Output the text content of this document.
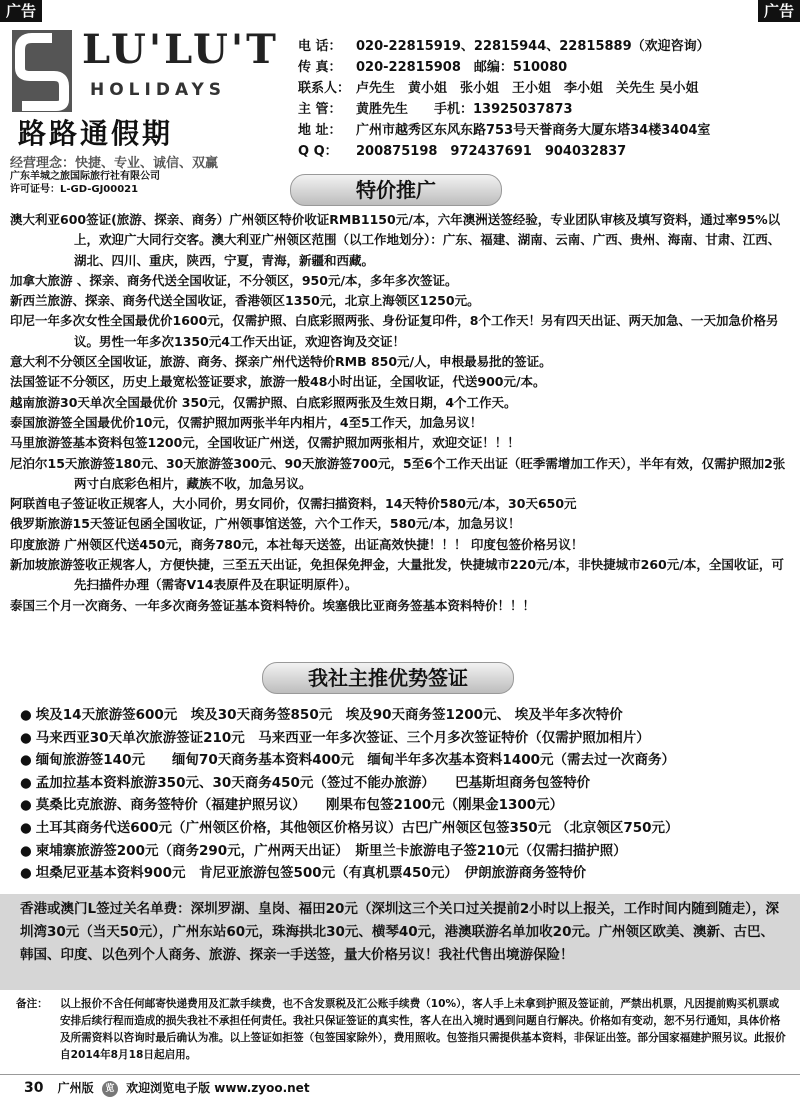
广告	广告
LU'LU'T
HOLIDAYS
路路通假期
经营理念：快捷、专业、诚信、双赢
电 话： 020-22815919、22815944、22815889（欢迎咨询）
传 真： 020-22815908　邮编：510080
联系人： 卢先生　黄小姐　张小姐　王小姐　李小姐　关先生 吴小姐
主 管： 黄胜先生　　手机：13925037873
地 址： 广州市越秀区东风东路753号天誉商务大厦东塔34楼3404室
Q Q： 200875198　972437691　904032837
广东羊城之旅国际旅行社有限公司
许可证号：L-GD-GJ00021	特价推广

澳大利亚600签证(旅游、探亲、商务）广州领区特价收证RMB1150元/本，六年澳洲送签经验，专业团队审核及填写资料，通过率95%以上，欢迎广大同行交客。澳大利亚广州领区范围（以工作地划分）：广东、福建、湖南、云南、广西、贵州、海南、甘肃、江西、湖北、四川、重庆，陕西，宁夏，青海，新疆和西藏。

加拿大旅游 、探亲、商务代送全国收证，不分领区，950元/本，多年多次签证。

新西兰旅游、探亲、商务代送全国收证，香港领区1350元，北京上海领区1250元。

印尼一年多次女性全国最优价1600元，仅需护照、白底彩照两张、身份证复印件，8个工作天！另有四天出证、两天加急、一天加急价格另议。男性一年多次1350元4工作天出证，欢迎咨询及交证！

意大利不分领区全国收证，旅游、商务、探亲广州代送特价RMB 850元/人，申根最易批的签证。

法国签证不分领区，历史上最宽松签证要求，旅游一般48小时出证，全国收证，代送900元/本。

越南旅游30天单次全国最优价 350元，仅需护照、白底彩照两张及生效日期，4个工作天。

泰国旅游签全国最优价10元，仅需护照加两张半年内相片，4至5工作天，加急另议！

马里旅游签基本资料包签1200元，全国收证广州送，仅需护照加两张相片，欢迎交证！！！

尼泊尔15天旅游签180元、30天旅游签300元、90天旅游签700元，5至6个工作天出证（旺季需增加工作天），半年有效，仅需护照加2张两寸白底彩色相片，藏族不收，加急另议。

阿联酋电子签证收正规客人，大小同价，男女同价，仅需扫描资料，14天特价580元/本，30天650元

俄罗斯旅游15天签证包函全国收证，广州领事馆送签，六个工作天，580元/本，加急另议！

印度旅游 广州领区代送450元，商务780元，本社每天送签，出证高效快捷！！！ 印度包签价格另议！

新加坡旅游签收正规客人，方便快捷，三至五天出证，免担保免押金，大量批发，快捷城市220元/本，非快捷城市260元/本，全国收证，可先扫描件办理（需寄V14表原件及在职证明原件）。

泰国三个月一次商务、一年多次商务签证基本资料特价。埃塞俄比亚商务签基本资料特价！！！

我社主推优势签证
● 埃及14天旅游签600元　埃及30天商务签850元　埃及90天商务签1200元、 埃及半年多次特价
● 马来西亚30天单次旅游签证210元　马来西亚一年多次签证、三个月多次签证特价（仅需护照加相片）
● 缅甸旅游签140元　　缅甸70天商务基本资料400元　缅甸半年多次基本资料1400元（需去过一次商务）
● 孟加拉基本资料旅游350元、30天商务450元（签过不能办旅游）　　巴基斯坦商务包签特价
● 莫桑比克旅游、商务签特价（福建护照另议）　　刚果布包签2100元（刚果金1300元）
● 土耳其商务代送600元（广州领区价格，其他领区价格另议）古巴广州领区包签350元 （北京领区750元）
● 柬埔寨旅游签200元（商务290元，广州两天出证）　斯里兰卡旅游电子签210元（仅需扫描护照）
● 坦桑尼亚基本资料900元　肯尼亚旅游包签500元（有真机票450元）　伊朗旅游商务签特价
香港或澳门L签过关名单费：深圳罗湖、皇岗、福田20元（深圳这三个关口过关提前2小时以上报关，工作时间内随到随走），深圳湾30元（当天50元），广州东站60元，珠海拱北30元、横琴40元，港澳联游名单加收20元。广州领区欧美、澳新、古巴、韩国、印度、以色列个人商务、旅游、探亲一手送签，量大价格另议！我社代售出境游保险！
备注： 以上报价不含任何邮寄快递费用及汇款手续费，也不含发票税及汇公账手续费（10%），客人手上未拿到护照及签证前，严禁出机票，凡因提前购买机票或安排后续行程而造成的损失我社不承担任何责任。我社只保证签证的真实性，客人在出入境时遇到问题自行解决。价格如有变动，恕不另行通知，具体价格及所需资料以咨询时最后确认为准。以上签证如拒签（包签国家除外），费用照收。包签指只需提供基本资料，非保证出签。部分国家福建护照另议。此报价自2014年8月18日起启用。
30 广州版 览 欢迎浏览电子版 www.zyoo.net
